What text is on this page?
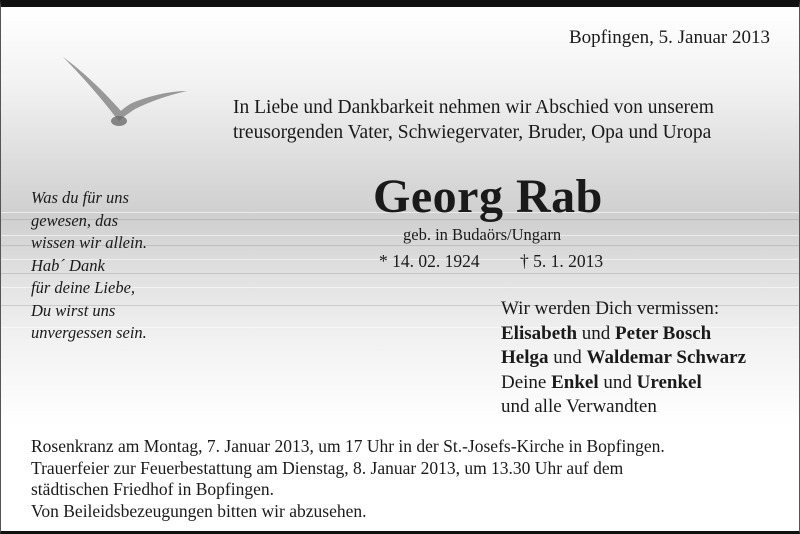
Bopfingen, 5. Januar 2013
In Liebe und Dankbarkeit nehmen wir Abschied von unserem
treusorgenden Vater, Schwiegervater, Bruder, Opa und Uropa
Georg Rab
geb. in Budaörs/Ungarn
* 14. 02. 1924 † 5. 1. 2013
Was du für uns
gewesen, das
wissen wir allein.
Hab´ Dank
für deine Liebe,
Du wirst uns
unvergessen sein.
Wir werden Dich vermissen:
Elisabeth und Peter Bosch
Helga und Waldemar Schwarz
Deine Enkel und Urenkel
und alle Verwandten
Rosenkranz am Montag, 7. Januar 2013, um 17 Uhr in der St.-Josefs-Kirche in Bopfingen.
Trauerfeier zur Feuerbestattung am Dienstag, 8. Januar 2013, um 13.30 Uhr auf dem
städtischen Friedhof in Bopfingen.
Von Beileidsbezeugungen bitten wir abzusehen.
